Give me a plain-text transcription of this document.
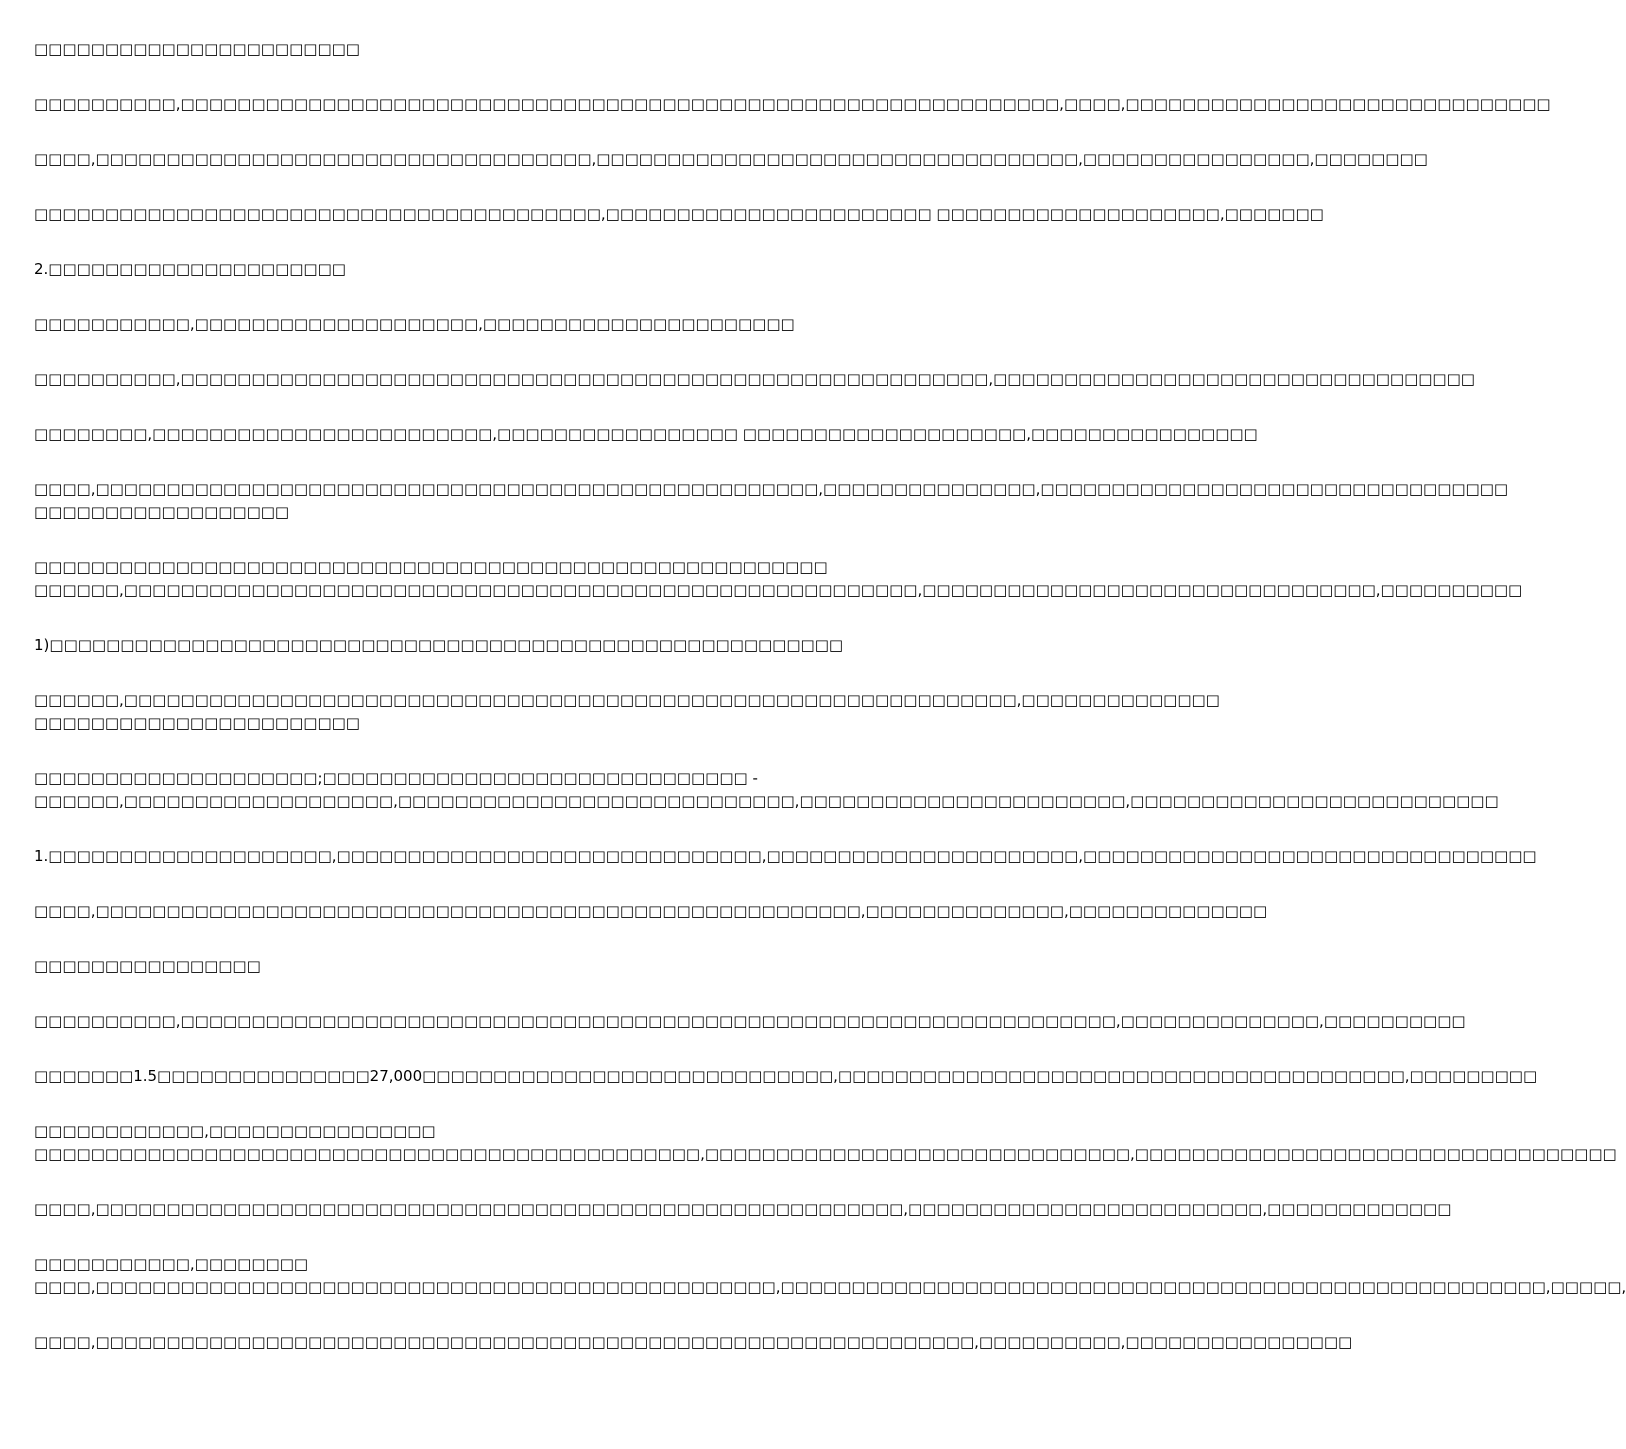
□□□□□□□□□□□□□□□□□□□□□□□

□□□□□□□□□□,□□□□□□□□□□□□□□□□□□□□□□□□□□□□□□□□□□□□□□□□□□□□□□□□□□□□□□□□□□□□□□,□□□□,□□□□□□□□□□□□□□□□□□□□□□□□□□□□□□

□□□□,□□□□□□□□□□□□□□□□□□□□□□□□□□□□□□□□□□□,□□□□□□□□□□□□□□□□□□□□□□□□□□□□□□□□□□,□□□□□□□□□□□□□□□□,□□□□□□□□

□□□□□□□□□□□□□□□□□□□□□□□□□□□□□□□□□□□□□□□□,□□□□□□□□□□□□□□□□□□□□□□□ □□□□□□□□□□□□□□□□□□□□,□□□□□□□

2.□□□□□□□□□□□□□□□□□□□□□

□□□□□□□□□□□,□□□□□□□□□□□□□□□□□□□□,□□□□□□□□□□□□□□□□□□□□□□

□□□□□□□□□□,□□□□□□□□□□□□□□□□□□□□□□□□□□□□□□□□□□□□□□□□□□□□□□□□□□□□□□□□□,□□□□□□□□□□□□□□□□□□□□□□□□□□□□□□□□□□

□□□□□□□□,□□□□□□□□□□□□□□□□□□□□□□□□,□□□□□□□□□□□□□□□□□ □□□□□□□□□□□□□□□□□□□□,□□□□□□□□□□□□□□□□

□□□□,□□□□□□□□□□□□□□□□□□□□□□□□□□□□□□□□□□□□□□□□□□□□□□□□□□□,□□□□□□□□□□□□□□□,□□□□□□□□□□□□□□□□□□□□□□□□□□□□□□□□□

□□□□□□□□□□□□□□□□□□

□□□□□□□□□□□□□□□□□□□□□□□□□□□□□□□□□□□□□□□□□□□□□□□□□□□□□□□□

□□□□□□,□□□□□□□□□□□□□□□□□□□□□□□□□□□□□□□□□□□□□□□□□□□□□□□□□□□□□□□□,□□□□□□□□□□□□□□□□□□□□□□□□□□□□□□□□,□□□□□□□□□□

1)□□□□□□□□□□□□□□□□□□□□□□□□□□□□□□□□□□□□□□□□□□□□□□□□□□□□□□□□

□□□□□□,□□□□□□□□□□□□□□□□□□□□□□□□□□□□□□□□□□□□□□□□□□□□□□□□□□□□□□□□□□□□□□□,□□□□□□□□□□□□□□

□□□□□□□□□□□□□□□□□□□□□□□

□□□□□□□□□□□□□□□□□□□□;□□□□□□□□□□□□□□□□□□□□□□□□□□□□□□ -

□□□□□□,□□□□□□□□□□□□□□□□□□□,□□□□□□□□□□□□□□□□□□□□□□□□□□□□,□□□□□□□□□□□□□□□□□□□□□□□,□□□□□□□□□□□□□□□□□□□□□□□□□□

1.□□□□□□□□□□□□□□□□□□□□,□□□□□□□□□□□□□□□□□□□□□□□□□□□□□□,□□□□□□□□□□□□□□□□□□□□□□,□□□□□□□□□□□□□□□□□□□□□□□□□□□□□□□□

□□□□,□□□□□□□□□□□□□□□□□□□□□□□□□□□□□□□□□□□□□□□□□□□□□□□□□□□□□□,□□□□□□□□□□□□□□,□□□□□□□□□□□□□□

□□□□□□□□□□□□□□□□

□□□□□□□□□□,□□□□□□□□□□□□□□□□□□□□□□□□□□□□□□□□□□□□□□□□□□□□□□□□□□□□□□□□□□□□□□□□□□,□□□□□□□□□□□□□□,□□□□□□□□□□

□□□□□□□1.5□□□□□□□□□□□□□□□27,000□□□□□□□□□□□□□□□□□□□□□□□□□□□□□,□□□□□□□□□□□□□□□□□□□□□□□□□□□□□□□□□□□□□□□□,□□□□□□□□□

□□□□□□□□□□□□,□□□□□□□□□□□□□□□□

□□□□□□□□□□□□□□□□□□□□□□□□□□□□□□□□□□□□□□□□□□□□□□□,□□□□□□□□□□□□□□□□□□□□□□□□□□□□□□,□□□□□□□□□□□□□□□□□□□□□□□□□□□□□□□□□□

□□□□,□□□□□□□□□□□□□□□□□□□□□□□□□□□□□□□□□□□□□□□□□□□□□□□□□□□□□□□□□,□□□□□□□□□□□□□□□□□□□□□□□□□,□□□□□□□□□□□□□

□□□□□□□□□□□,□□□□□□□□

□□□□,□□□□□□□□□□□□□□□□□□□□□□□□□□□□□□□□□□□□□□□□□□□□□□□□,□□□□□□□□□□□□□□□□□□□□□□□□□□□□□□□□□□□□□□□□□□□□□□□□□□□□□□,□□□□□,

□□□□,□□□□□□□□□□□□□□□□□□□□□□□□□□□□□□□□□□□□□□□□□□□□□□□□□□□□□□□□□□□□□□,□□□□□□□□□□,□□□□□□□□□□□□□□□□
